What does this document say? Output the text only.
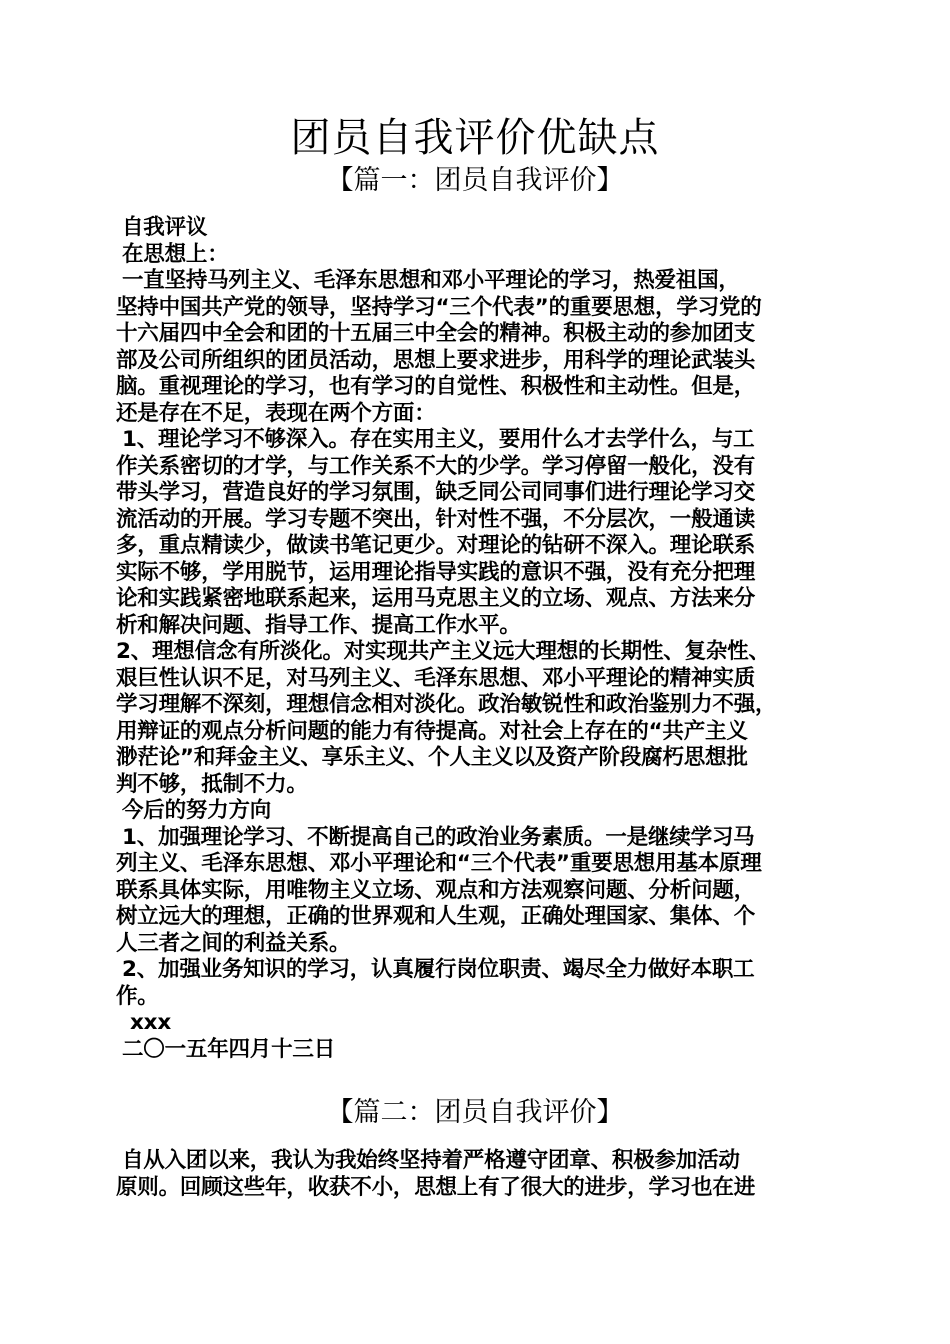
团员自我评价优缺点
【篇一：团员自我评价】
自我评议
在思想上：
一直坚持马列主义、毛泽东思想和邓小平理论的学习，热爱祖国，
坚持中国共产党的领导，坚持学习“三个代表”的重要思想，学习党的
十六届四中全会和团的十五届三中全会的精神。积极主动的参加团支
部及公司所组织的团员活动，思想上要求进步，用科学的理论武装头
脑。重视理论的学习，也有学习的自觉性、积极性和主动性。但是，
还是存在不足，表现在两个方面：
1、理论学习不够深入。存在实用主义，要用什么才去学什么，与工
作关系密切的才学，与工作关系不大的少学。学习停留一般化，没有
带头学习，营造良好的学习氛围，缺乏同公司同事们进行理论学习交
流活动的开展。学习专题不突出，针对性不强，不分层次，一般通读
多，重点精读少，做读书笔记更少。对理论的钻研不深入。理论联系
实际不够，学用脱节，运用理论指导实践的意识不强，没有充分把理
论和实践紧密地联系起来，运用马克思主义的立场、观点、方法来分
析和解决问题、指导工作、提高工作水平。
2、理想信念有所淡化。对实现共产主义远大理想的长期性、复杂性、
艰巨性认识不足，对马列主义、毛泽东思想、邓小平理论的精神实质
学习理解不深刻，理想信念相对淡化。政治敏锐性和政治鉴别力不强，
用辩证的观点分析问题的能力有待提高。对社会上存在的“共产主义
渺茫论”和拜金主义、享乐主义、个人主义以及资产阶段腐朽思想批
判不够，抵制不力。
今后的努力方向
1、加强理论学习、不断提高自己的政治业务素质。一是继续学习马
列主义、毛泽东思想、邓小平理论和“三个代表”重要思想用基本原理
联系具体实际，用唯物主义立场、观点和方法观察问题、分析问题，
树立远大的理想，正确的世界观和人生观，正确处理国家、集体、个
人三者之间的利益关系。
2、加强业务知识的学习，认真履行岗位职责、竭尽全力做好本职工
作。
xxx
二〇一五年四月十三日
【篇二：团员自我评价】
自从入团以来，我认为我始终坚持着严格遵守团章、积极参加活动
原则。回顾这些年，收获不小，思想上有了很大的进步，学习也在进
